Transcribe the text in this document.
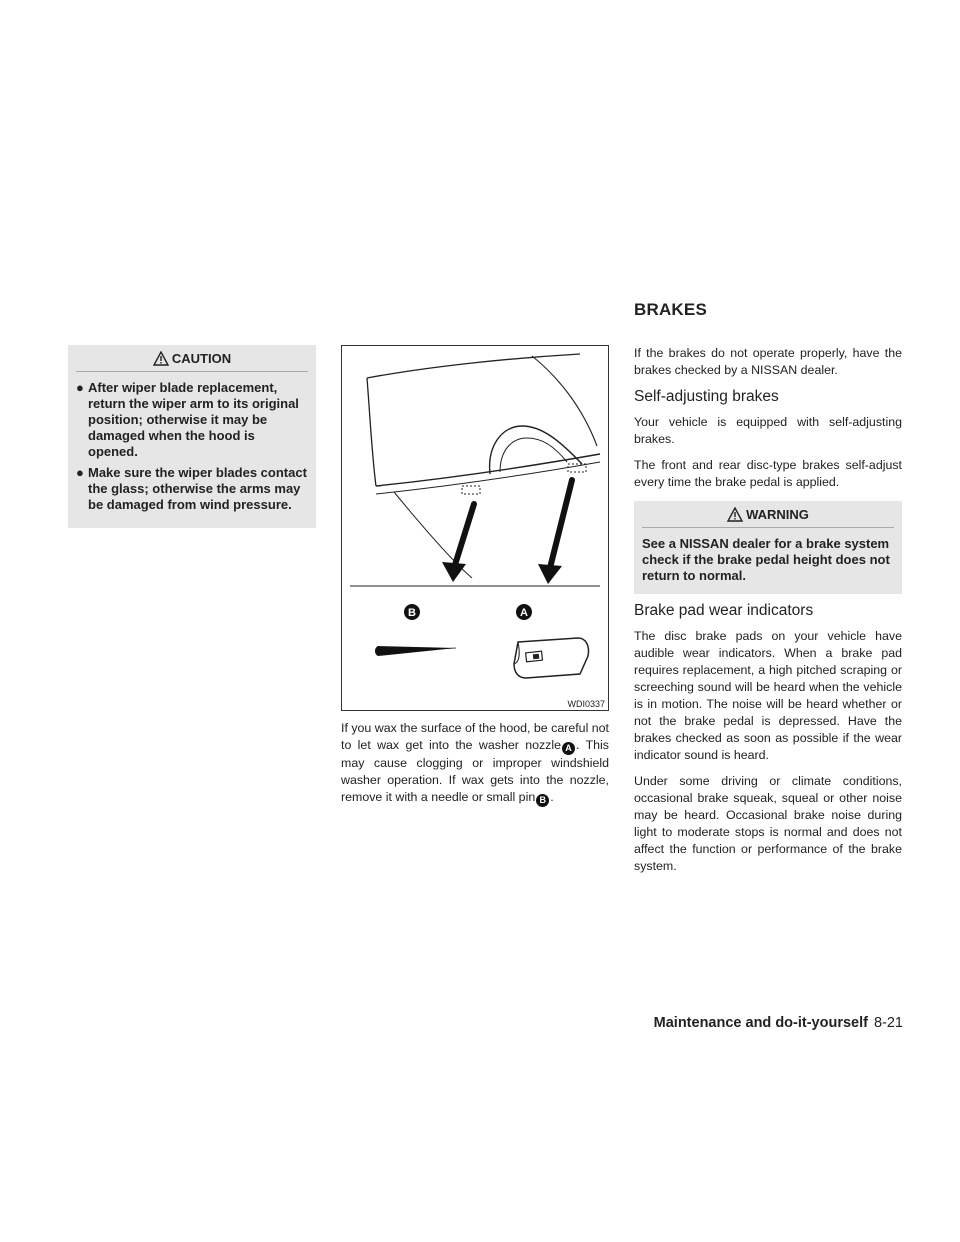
BRAKES
CAUTION
● After wiper blade replacement, return the wiper arm to its original position; otherwise it may be damaged when the hood is opened.
● Make sure the wiper blades contact the glass; otherwise the arms may be damaged from wind pressure.
B	A
WDI0337

If you wax the surface of the hood, be careful not to let wax get into the washer nozzle A . This may cause clogging or improper windshield washer operation. If wax gets into the nozzle, remove it with a needle or small pin B .

If the brakes do not operate properly, have the brakes checked by a NISSAN dealer.

Self-adjusting brakes

Your vehicle is equipped with self-adjusting brakes.

The front and rear disc-type brakes self-adjust every time the brake pedal is applied.

WARNING
See a NISSAN dealer for a brake system check if the brake pedal height does not return to normal.
Brake pad wear indicators

The disc brake pads on your vehicle have audible wear indicators. When a brake pad requires replacement, a high pitched scraping or screeching sound will be heard when the vehicle is in motion. The noise will be heard whether or not the brake pedal is depressed. Have the brakes checked as soon as possible if the wear indicator sound is heard.

Under some driving or climate conditions, occasional brake squeak, squeal or other noise may be heard. Occasional brake noise during light to moderate stops is normal and does not affect the function or performance of the brake system.

Maintenance and do-it-yourself 8-21
